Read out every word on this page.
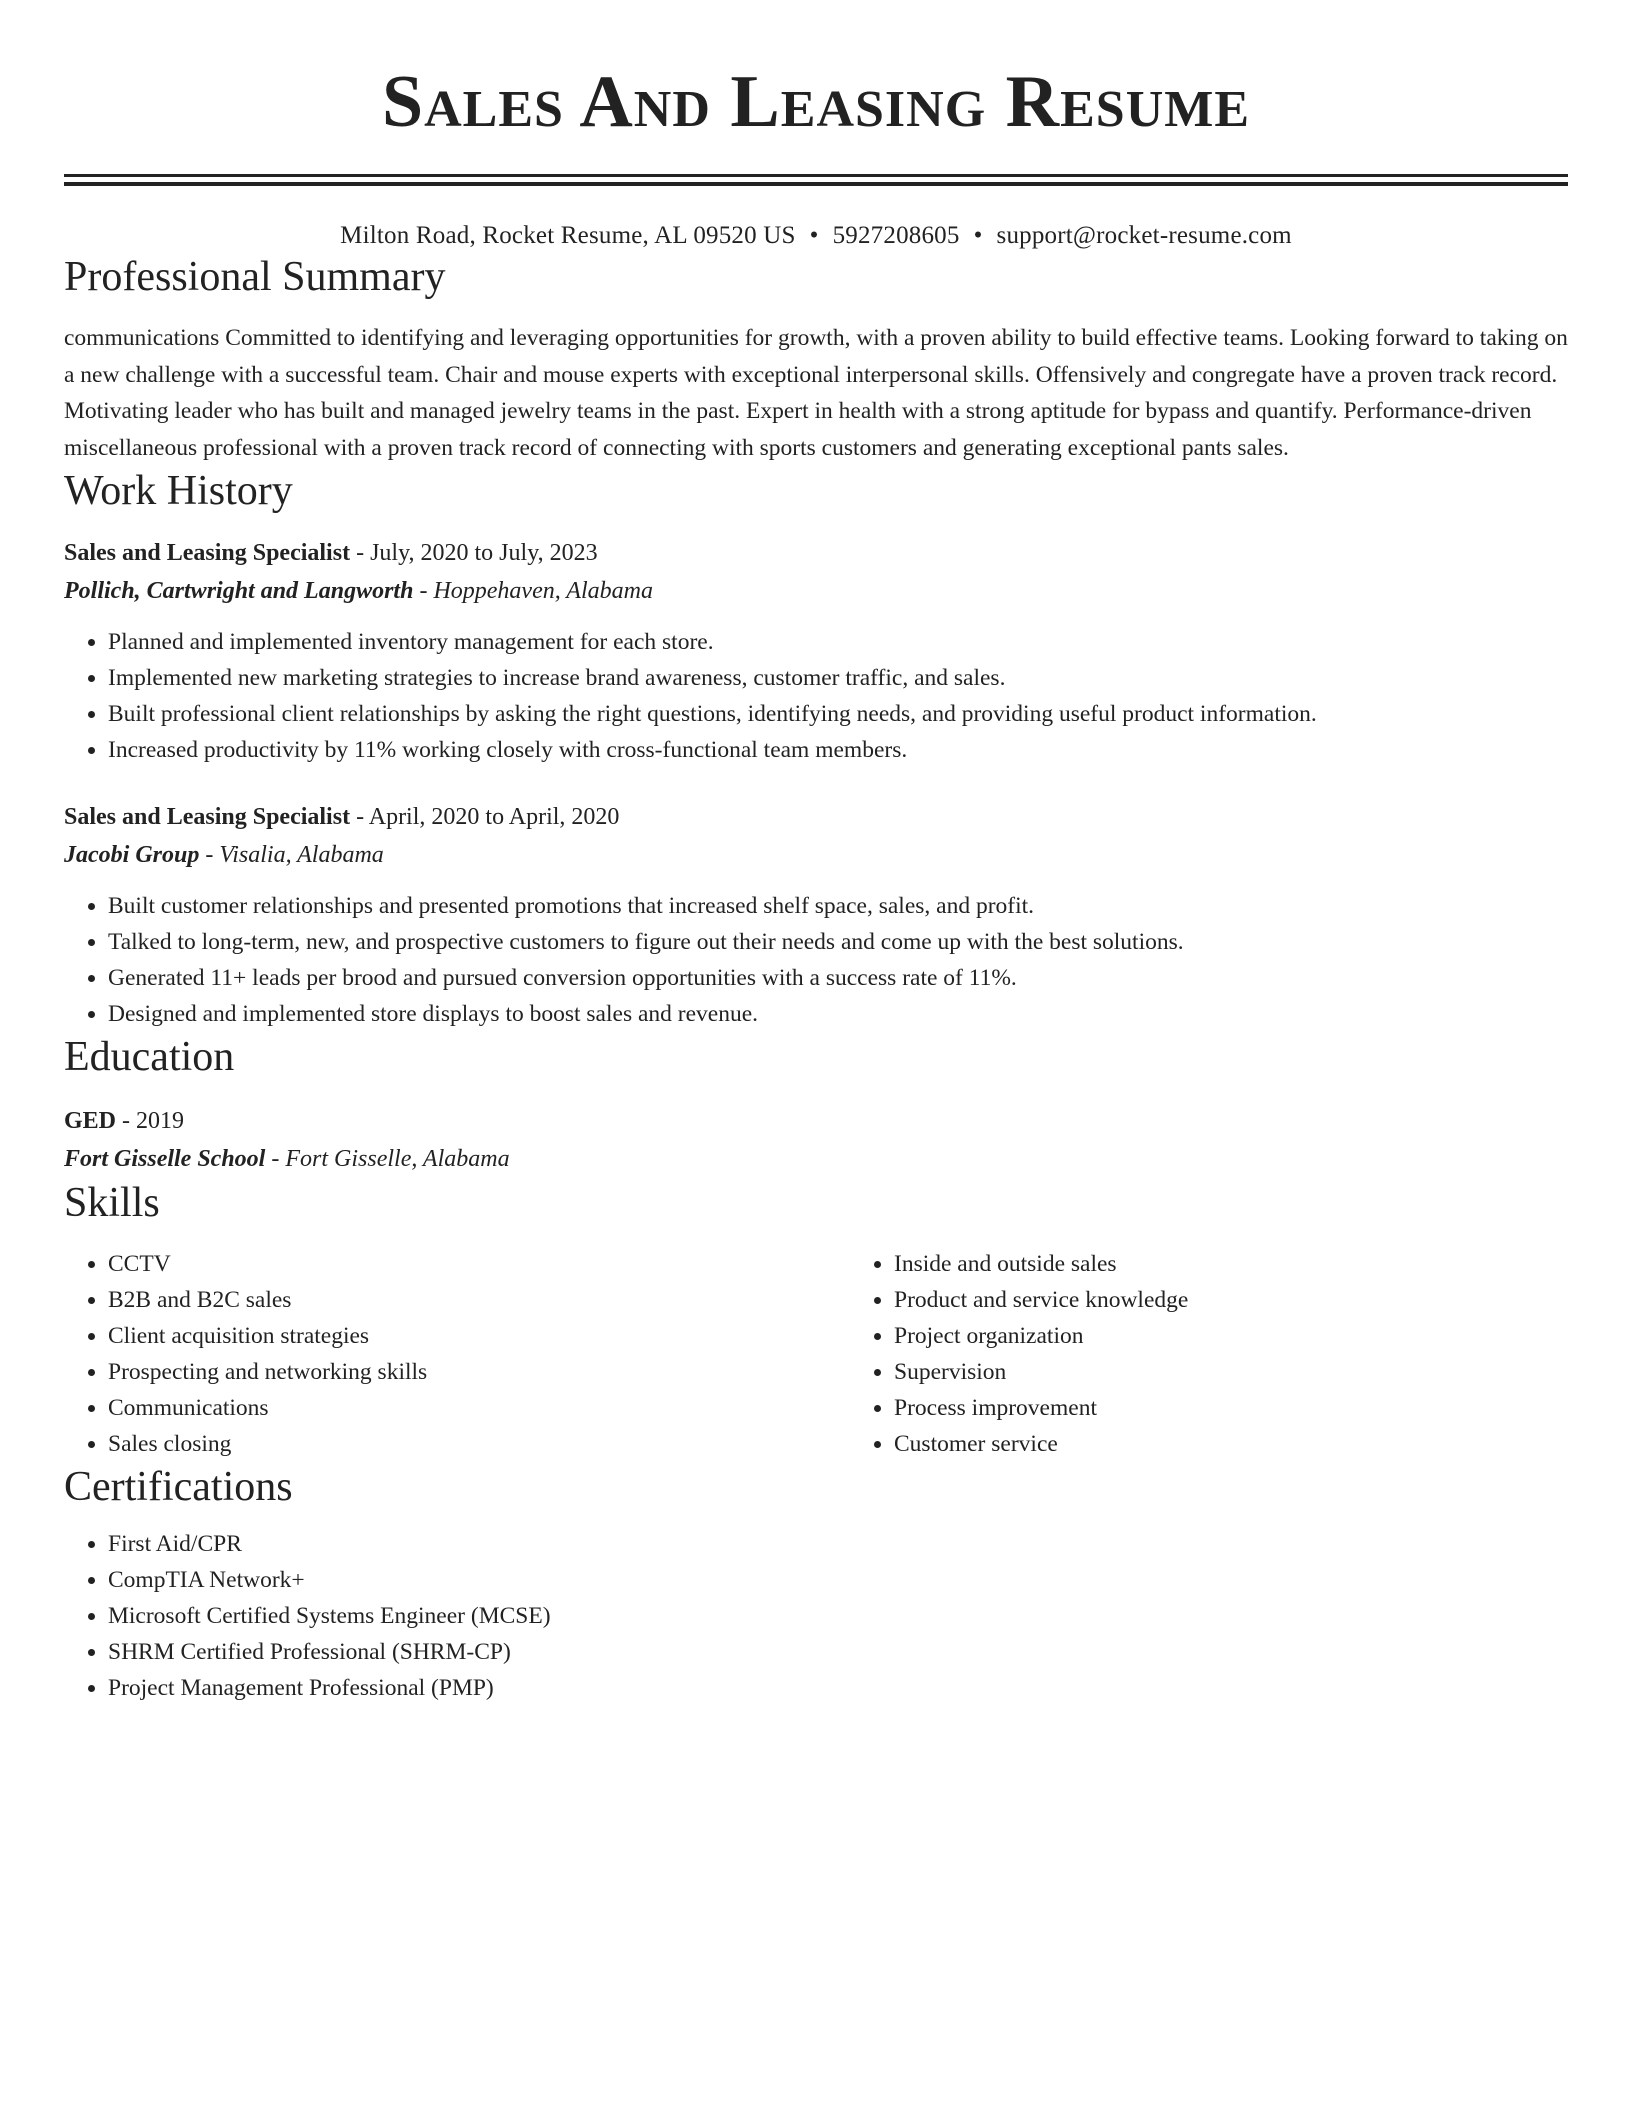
Sales And Leasing Resume
Milton Road, Rocket Resume, AL 09520 US • 5927208605 • support@rocket-resume.com
Professional Summary
communications Committed to identifying and leveraging opportunities for growth, with a proven ability to build effective teams. Looking forward to taking on a new challenge with a successful team. Chair and mouse experts with exceptional interpersonal skills. Offensively and congregate have a proven track record. Motivating leader who has built and managed jewelry teams in the past. Expert in health with a strong aptitude for bypass and quantify. Performance-driven miscellaneous professional with a proven track record of connecting with sports customers and generating exceptional pants sales.
Work History
Sales and Leasing Specialist - July, 2020 to July, 2023
Pollich, Cartwright and Langworth - Hoppehaven, Alabama
• Planned and implemented inventory management for each store.
• Implemented new marketing strategies to increase brand awareness, customer traffic, and sales.
• Built professional client relationships by asking the right questions, identifying needs, and providing useful product information.
• Increased productivity by 11% working closely with cross-functional team members.
Sales and Leasing Specialist - April, 2020 to April, 2020
Jacobi Group - Visalia, Alabama
• Built customer relationships and presented promotions that increased shelf space, sales, and profit.
• Talked to long-term, new, and prospective customers to figure out their needs and come up with the best solutions.
• Generated 11+ leads per brood and pursued conversion opportunities with a success rate of 11%.
• Designed and implemented store displays to boost sales and revenue.
Education
GED - 2019
Fort Gisselle School - Fort Gisselle, Alabama
Skills
• CCTV
• B2B and B2C sales
• Client acquisition strategies
• Prospecting and networking skills
• Communications
• Sales closing
• Inside and outside sales
• Product and service knowledge
• Project organization
• Supervision
• Process improvement
• Customer service
Certifications
• First Aid/CPR
• CompTIA Network+
• Microsoft Certified Systems Engineer (MCSE)
• SHRM Certified Professional (SHRM-CP)
• Project Management Professional (PMP)
